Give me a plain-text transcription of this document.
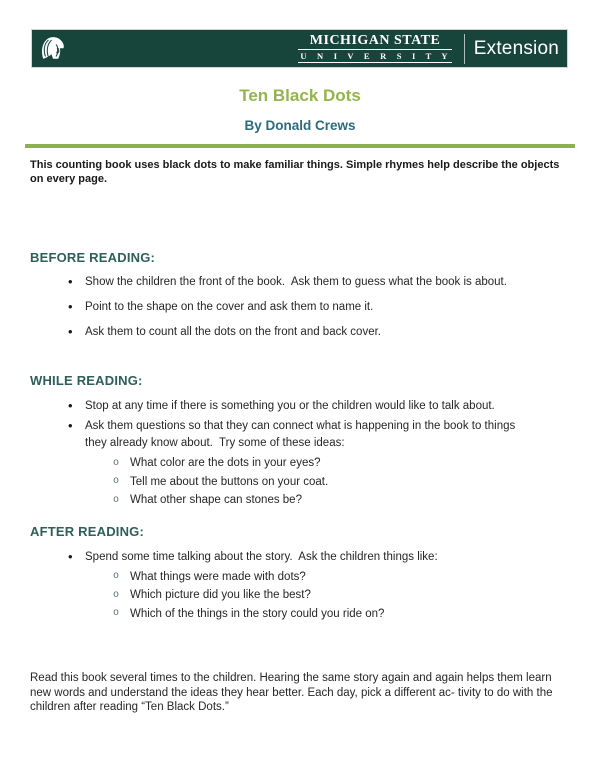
MICHIGAN STATE
U N I V E R S I T Y Extension
Ten Black Dots
By Donald Crews

This counting book uses black dots to make familiar things. Simple rhymes help describe the objects on every page.

BEFORE READING:
• Show the children the front of the book.  Ask them to guess what the book is about.
• Point to the shape on the cover and ask them to name it.
• Ask them to count all the dots on the front and back cover.
WHILE READING:
• Stop at any time if there is something you or the children would like to talk about.
• Ask them questions so that they can connect what is happening in the book to things they already know about.  Try some of these ideas:
o What color are the dots in your eyes?
o Tell me about the buttons on your coat.
o What other shape can stones be?
AFTER READING:
• Spend some time talking about the story.  Ask the children things like:
o What things were made with dots?
o Which picture did you like the best?
o Which of the things in the story could you ride on?

Read this book several times to the children. Hearing the same story again and again helps them learn new words and understand the ideas they hear better. Each day, pick a different ac- tivity to do with the children after reading “Ten Black Dots.”
